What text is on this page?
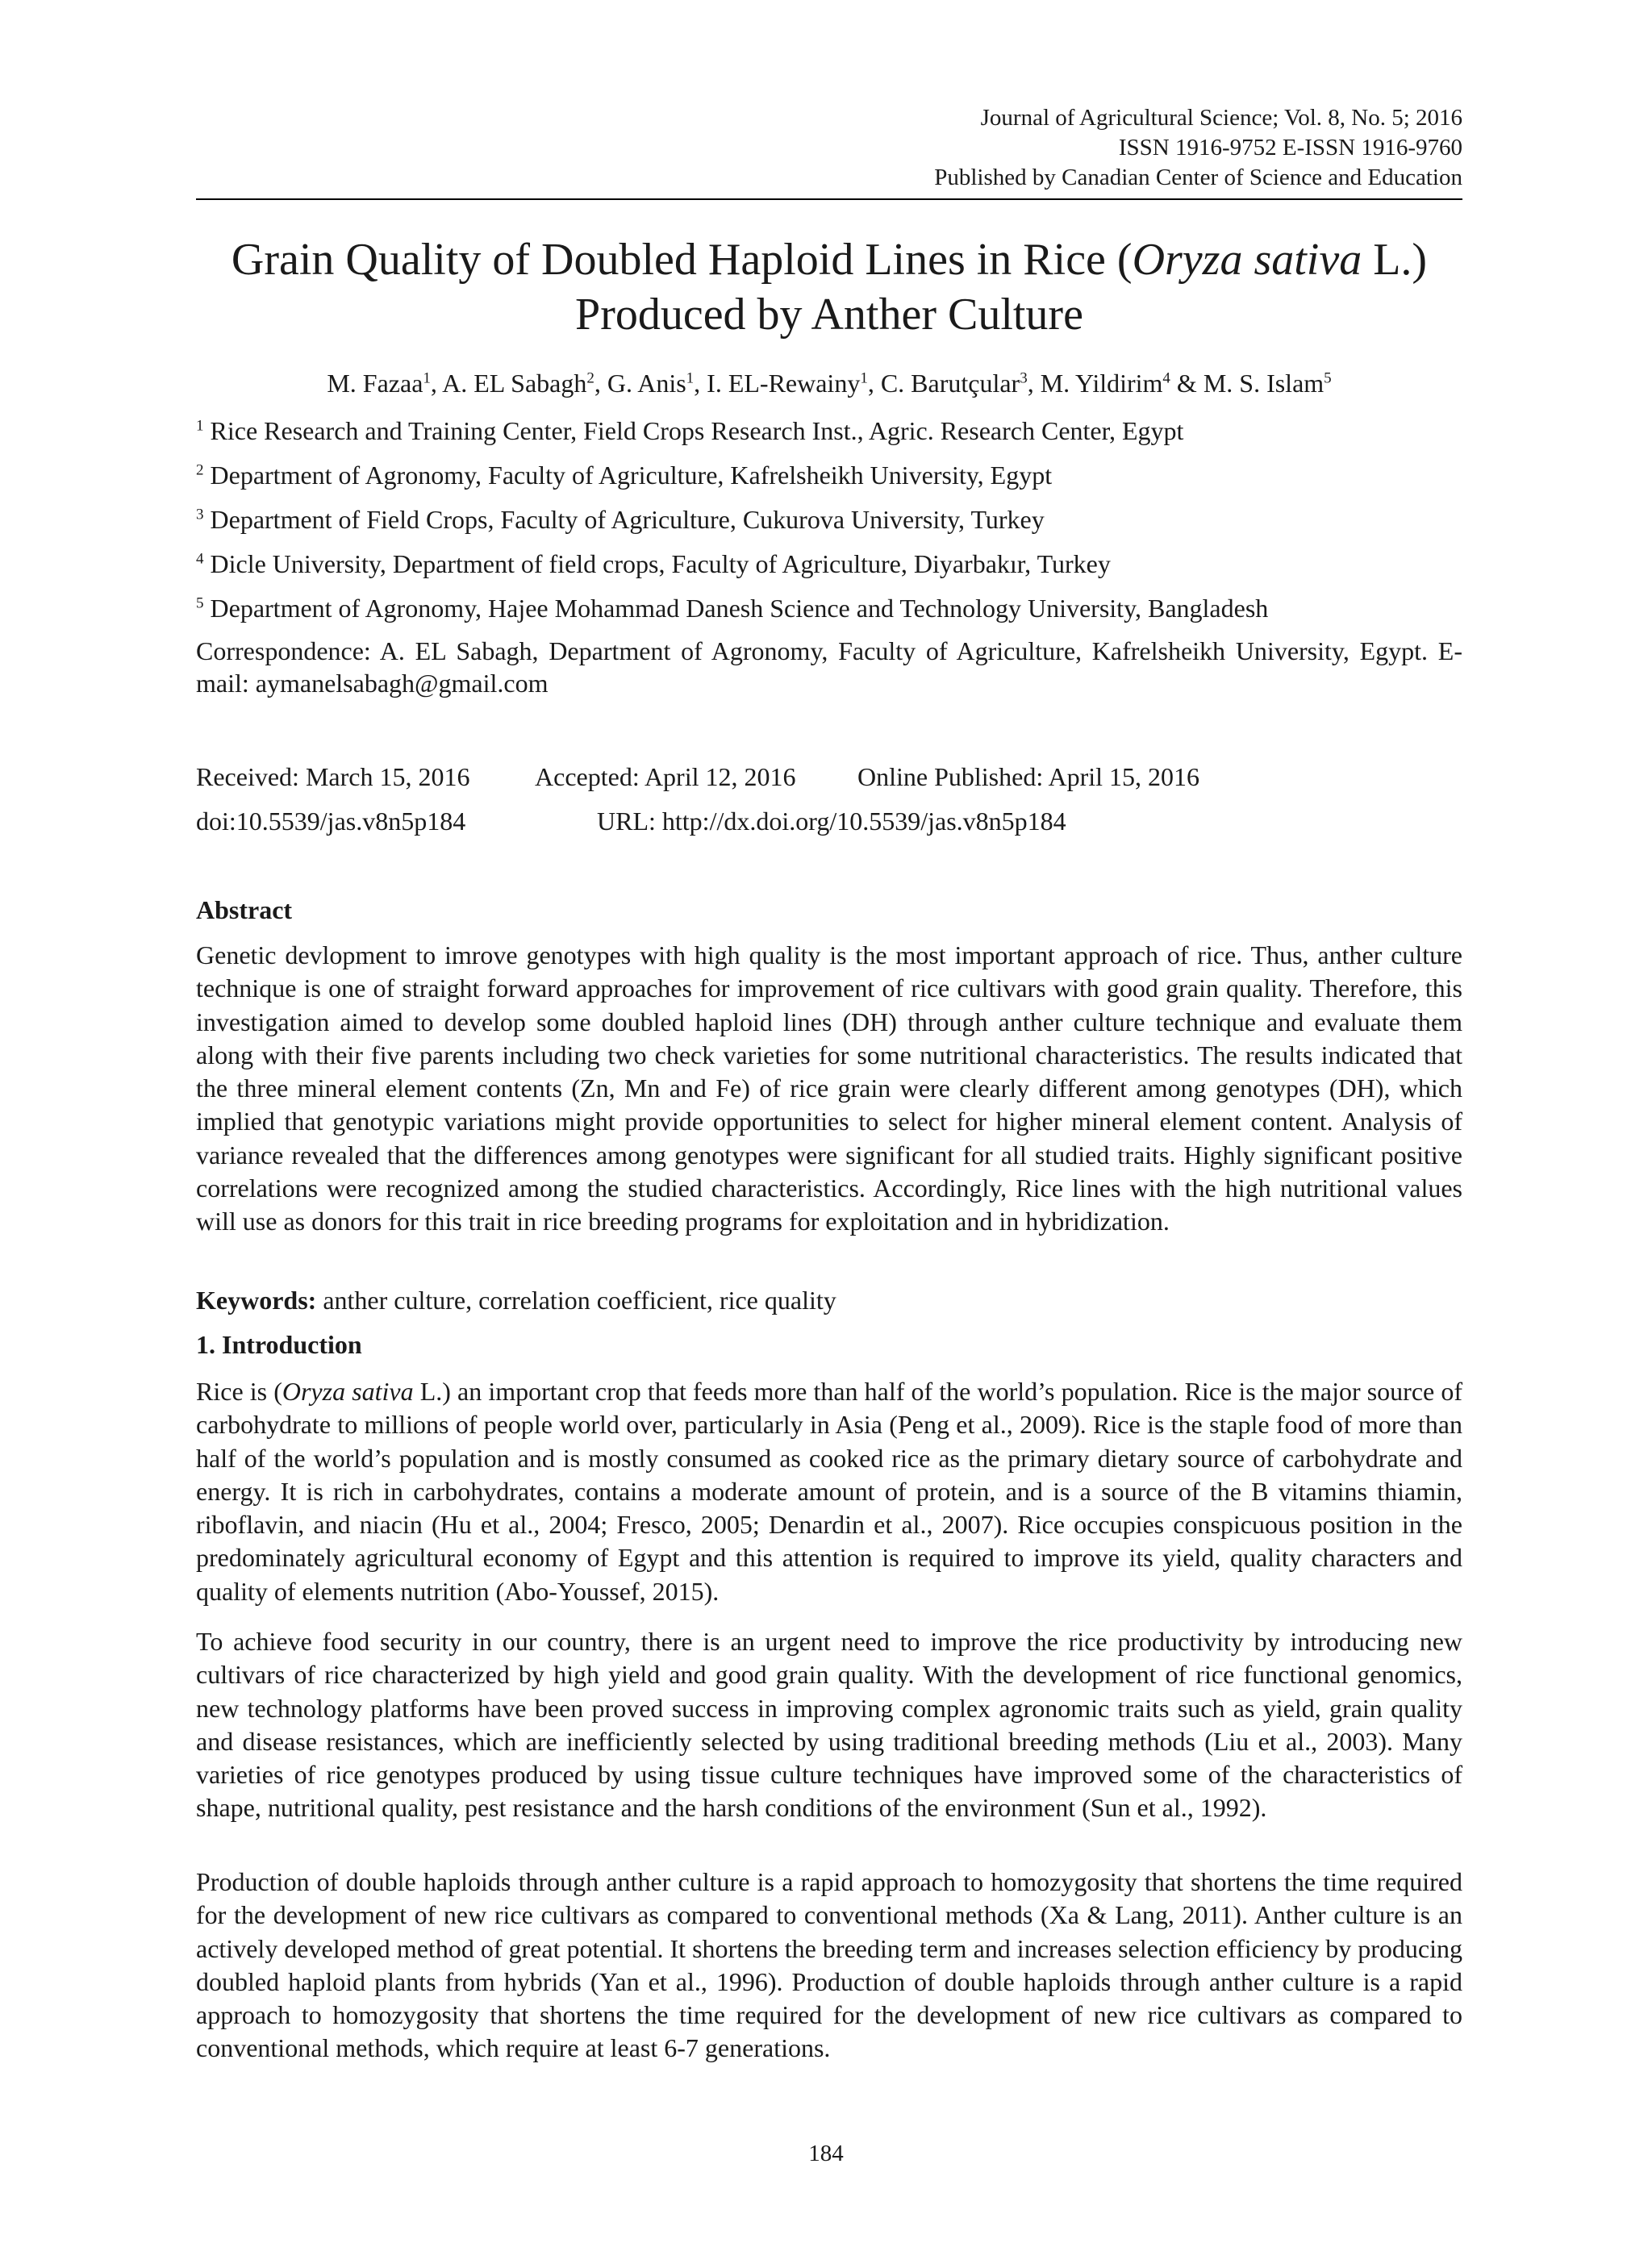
Journal of Agricultural Science; Vol. 8, No. 5; 2016
ISSN 1916-9752 E-ISSN 1916-9760
Published by Canadian Center of Science and Education
Grain Quality of Doubled Haploid Lines in Rice (Oryza sativa L.)
Produced by Anther Culture
M. Fazaa$^1$, A. EL Sabagh$^2$, G. Anis$^1$, I. EL-Rewainy$^1$, C. Barutçular$^3$, M. Yildirim$^4$ & M. S. Islam$^5$
$^1$ Rice Research and Training Center, Field Crops Research Inst., Agric. Research Center, Egypt
$^2$ Department of Agronomy, Faculty of Agriculture, Kafrelsheikh University, Egypt
$^3$ Department of Field Crops, Faculty of Agriculture, Cukurova University, Turkey
$^4$ Dicle University, Department of field crops, Faculty of Agriculture, Diyarbakır, Turkey
$^5$ Department of Agronomy, Hajee Mohammad Danesh Science and Technology University, Bangladesh
Correspondence: A. EL Sabagh, Department of Agronomy, Faculty of Agriculture, Kafrelsheikh University, Egypt. E-mail: aymanelsabagh@gmail.com
Received: March 15, 2016	Accepted: April 12, 2016 Online Published: April 15, 2016
doi:10.5539/jas.v8n5p184	URL: http://dx.doi.org/10.5539/jas.v8n5p184
Abstract

Genetic devlopment to imrove genotypes with high quality is the most important approach of rice. Thus, anther culture technique is one of straight forward approaches for improvement of rice cultivars with good grain quality. Therefore, this investigation aimed to develop some doubled haploid lines (DH) through anther culture technique and evaluate them along with their five parents including two check varieties for some nutritional characteristics. The results indicated that the three mineral element contents (Zn, Mn and Fe) of rice grain were clearly different among genotypes (DH), which implied that genotypic variations might provide opportunities to select for higher mineral element content. Analysis of variance revealed that the differences among genotypes were significant for all studied traits. Highly significant positive correlations were recognized among the studied characteristics. Accordingly, Rice lines with the high nutritional values will use as donors for this trait in rice breeding programs for exploitation and in hybridization.

Keywords: anther culture, correlation coefficient, rice quality
1. Introduction

Rice is (Oryza sativa L.) an important crop that feeds more than half of the world’s population. Rice is the major source of carbohydrate to millions of people world over, particularly in Asia (Peng et al., 2009). Rice is the staple food of more than half of the world’s population and is mostly consumed as cooked rice as the primary dietary source of carbohydrate and energy. It is rich in carbohydrates, contains a moderate amount of protein, and is a source of the B vitamins thiamin, riboflavin, and niacin (Hu et al., 2004; Fresco, 2005; Denardin et al., 2007). Rice occupies conspicuous position in the predominately agricultural economy of Egypt and this attention is required to improve its yield, quality characters and quality of elements nutrition (Abo-Youssef, 2015).

To achieve food security in our country, there is an urgent need to improve the rice productivity by introducing new cultivars of rice characterized by high yield and good grain quality. With the development of rice functional genomics, new technology platforms have been proved success in improving complex agronomic traits such as yield, grain quality and disease resistances, which are inefficiently selected by using traditional breeding methods (Liu et al., 2003). Many varieties of rice genotypes produced by using tissue culture techniques have improved some of the characteristics of shape, nutritional quality, pest resistance and the harsh conditions of the environment (Sun et al., 1992).

Production of double haploids through anther culture is a rapid approach to homozygosity that shortens the time required for the development of new rice cultivars as compared to conventional methods (Xa & Lang, 2011). Anther culture is an actively developed method of great potential. It shortens the breeding term and increases selection efficiency by producing doubled haploid plants from hybrids (Yan et al., 1996). Production of double haploids through anther culture is a rapid approach to homozygosity that shortens the time required for the development of new rice cultivars as compared to conventional methods, which require at least 6-7 generations.

184
